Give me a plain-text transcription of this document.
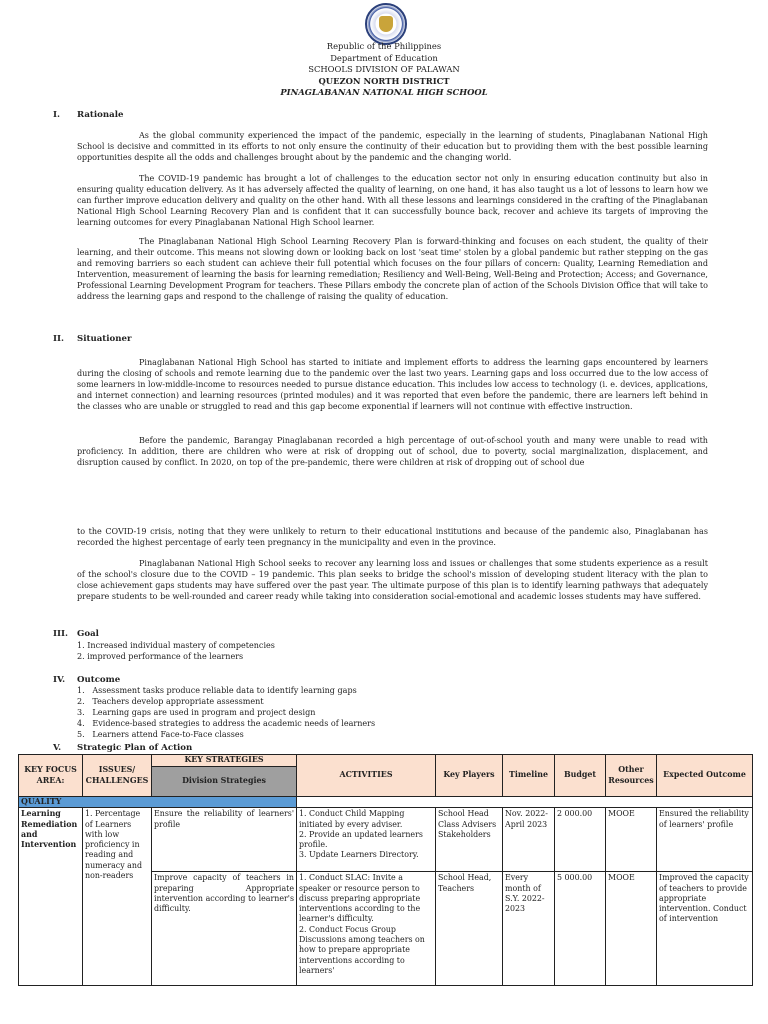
Republic of the Philippines
Department of Education
SCHOOLS DIVISION OF PALAWAN
QUEZON NORTH DISTRICT
PINAGLABANAN NATIONAL HIGH SCHOOL
I. Rationale
As the global community experienced the impact of the pandemic, especially in the learning of students, Pinaglabanan National High School is decisive and committed in its efforts to not only ensure the continuity of their education but to providing them with the best possible learning opportunities despite all the odds and challenges brought about by the pandemic and the changing world.
The COVID-19 pandemic has brought a lot of challenges to the education sector not only in ensuring education continuity but also in ensuring quality education delivery. As it has adversely affected the quality of learning, on one hand, it has also taught us a lot of lessons to learn how we can further improve education delivery and quality on the other hand. With all these lessons and learnings considered in the crafting of the Pinaglabanan National High School Learning Recovery Plan and is confident that it can successfully bounce back, recover and achieve its targets of improving the learning outcomes for every Pinaglabanan National High School learner.
The Pinaglabanan National High School Learning Recovery Plan is forward-thinking and focuses on each student, the quality of their learning, and their outcome. This means not slowing down or looking back on lost 'seat time' stolen by a global pandemic but rather stepping on the gas and removing barriers so each student can achieve their full potential which focuses on the four pillars of concern: Quality, Learning Remediation and Intervention, measurement of learning the basis for learning remediation; Resiliency and Well-Being, Well-Being and Protection; Access; and Governance, Professional Learning Development Program for teachers. These Pillars embody the concrete plan of action of the Schools Division Office that will take to address the learning gaps and respond to the challenge of raising the quality of education.
II. Situationer
Pinaglabanan National High School has started to initiate and implement efforts to address the learning gaps encountered by learners during the closing of schools and remote learning due to the pandemic over the last two years. Learning gaps and loss occurred due to the low access of some learners in low-middle-income to resources needed to pursue distance education. This includes low access to technology (i. e. devices, applications, and internet connection) and learning resources (printed modules) and it was reported that even before the pandemic, there are learners left behind in the classes who are unable or struggled to read and this gap become exponential if learners will not continue with effective instruction.
Before the pandemic, Barangay Pinaglabanan recorded a high percentage of out-of-school youth and many were unable to read with proficiency. In addition, there are children who were at risk of dropping out of school, due to poverty, social marginalization, displacement, and disruption caused by conflict. In 2020, on top of the pre-pandemic, there were children at risk of dropping out of school due
to the COVID-19 crisis, noting that they were unlikely to return to their educational institutions and because of the pandemic also, Pinaglabanan has recorded the highest percentage of early teen pregnancy in the municipality and even in the province.
Pinaglabanan National High School seeks to recover any learning loss and issues or challenges that some students experience as a result of the school's closure due to the COVID – 19 pandemic. This plan seeks to bridge the school's mission of developing student literacy with the plan to close achievement gaps students may have suffered over the past year. The ultimate purpose of this plan is to identify learning pathways that adequately prepare students to be well-rounded and career ready while taking into consideration social-emotional and academic losses students may have suffered.
III. Goal
1. Increased individual mastery of competencies
2. improved performance of the learners
IV. Outcome
1.   Assessment tasks produce reliable data to identify learning gaps
2.   Teachers develop appropriate assessment
3.   Learning gaps are used in program and project design
4.   Evidence-based strategies to address the academic needs of learners
5.   Learners attend Face-to-Face classes
V. Strategic Plan of Action
KEY FOCUS AREA:	ISSUES/ CHALLENGES	KEY STRATEGIES	ACTIVITIES	Key Players	Timeline	Budget	Other Resources	Expected Outcome
		Division Strategies						
QUALITY								
Learning Remediation and Intervention	1. Percentage of Learners with low proficiency in reading and numeracy and non-readers	Ensure the reliability of learners' profile	1. Conduct Child Mapping initiated by every adviser.
2. Provide an updated learners profile.
3. Update Learners Directory.	School Head
Class Advisers
Stakeholders	Nov. 2022- April 2023	2 000.00	MOOE	Ensured the reliability of learners' profile
		Improve capacity of teachers in preparing Appropriate intervention according to learner's difficulty.	1. Conduct SLAC: Invite a speaker or resource person to discuss preparing appropriate interventions according to the learner's difficulty.
2. Conduct Focus Group Discussions among teachers on how to prepare appropriate interventions according to learners'	School Head, Teachers	Every month of S.Y. 2022-2023	5 000.00	MOOE	Improved the capacity of teachers to provide appropriate intervention. Conduct of intervention
